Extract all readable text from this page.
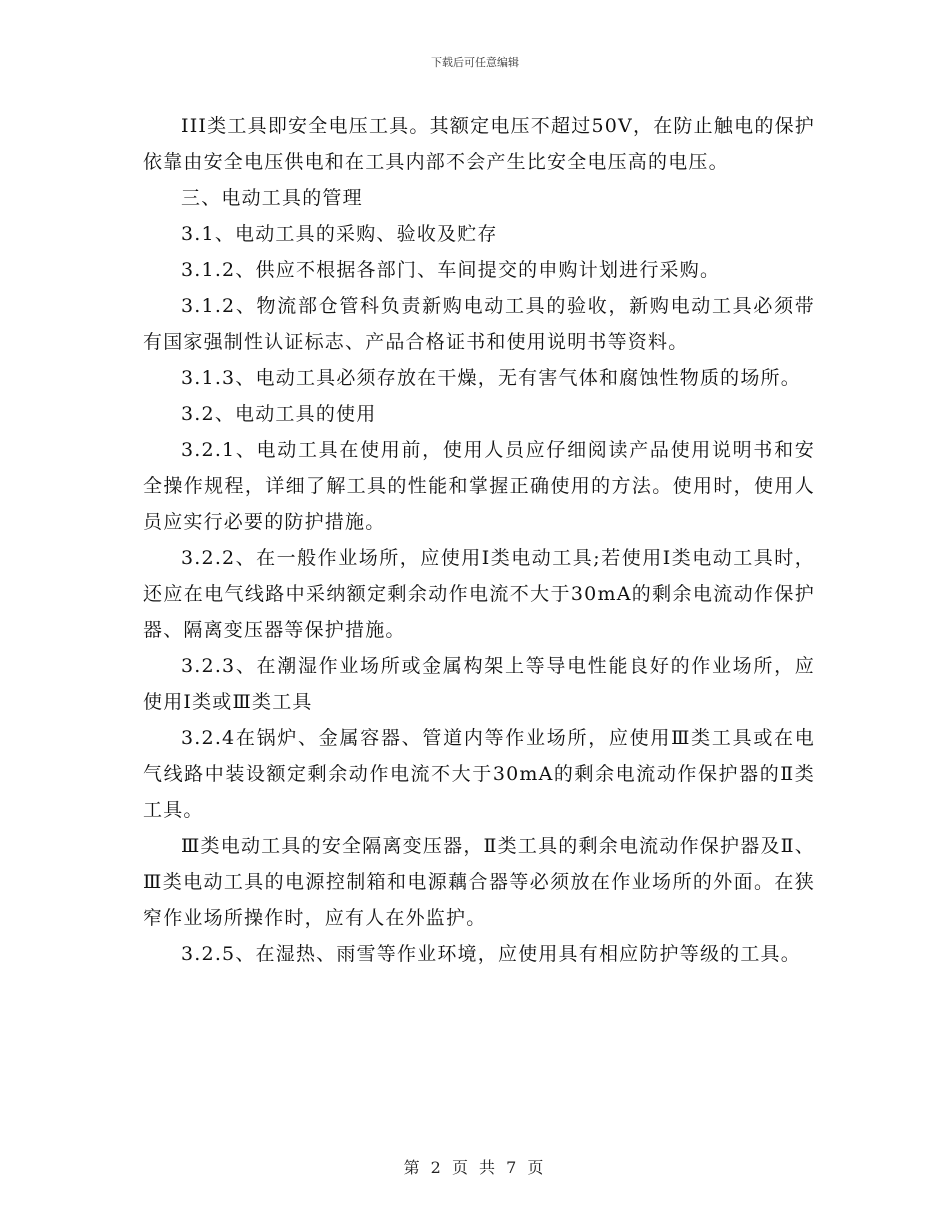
下载后可任意编辑

III类工具即安全电压工具。其额定电压不超过50V，在防止触电的保护依靠由安全电压供电和在工具内部不会产生比安全电压高的电压。

三、电动工具的管理

3.1、电动工具的采购、验收及贮存

3.1.2、供应不根据各部门、车间提交的申购计划进行采购。

3.1.2、物流部仓管科负责新购电动工具的验收，新购电动工具必须带有国家强制性认证标志、产品合格证书和使用说明书等资料。

3.1.3、电动工具必须存放在干燥，无有害气体和腐蚀性物质的场所。

3.2、电动工具的使用

3.2.1、电动工具在使用前，使用人员应仔细阅读产品使用说明书和安全操作规程，详细了解工具的性能和掌握正确使用的方法。使用时，使用人员应实行必要的防护措施。

3.2.2、在一般作业场所，应使用Ⅰ类电动工具;若使用Ⅰ类电动工具时，还应在电气线路中采纳额定剩余动作电流不大于30mA的剩余电流动作保护器、隔离变压器等保护措施。

3.2.3、在潮湿作业场所或金属构架上等导电性能良好的作业场所，应使用Ⅰ类或Ⅲ类工具

3.2.4在锅炉、金属容器、管道内等作业场所，应使用Ⅲ类工具或在电气线路中装设额定剩余动作电流不大于30mA的剩余电流动作保护器的Ⅱ类工具。

Ⅲ类电动工具的安全隔离变压器，Ⅱ类工具的剩余电流动作保护器及Ⅱ、Ⅲ类电动工具的电源控制箱和电源藕合器等必须放在作业场所的外面。在狭窄作业场所操作时，应有人在外监护。

3.2.5、在湿热、雨雪等作业环境，应使用具有相应防护等级的工具。

第 2 页 共 7 页
